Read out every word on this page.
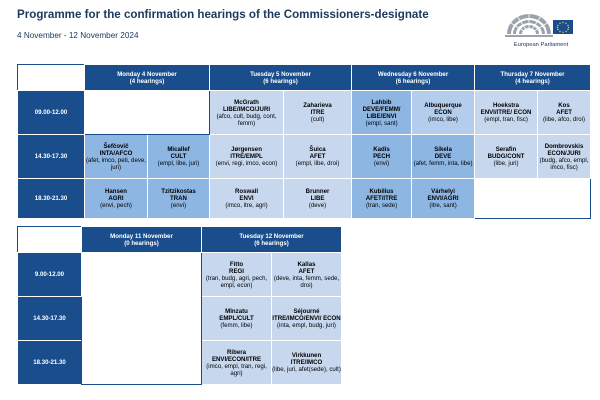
Programme for the confirmation hearings of the Commissioners-designate
4 November - 12 November 2024
European Parliament
	Monday 4 November
(4 hearings)		Tuesday 5 November
(6 hearings)		Wednesday 6 November
(6 hearings)		Thursday 7 November
(4 hearings)	
09.00-12.00			McGrath
LIBE/IMCO/JURI
(afco, cult, budg, cont, femm)	Zaharieva
ITRE
(cult)	Lahbib
DEVE/FEMM/ LIBE/ENVI
(empl, sant)	Albuquerque
ECON
(imco, libe)	Hoekstra
ENVI/ITRE/ ECON
(empl, tran, fisc)	Kos
AFET
(libe, afco, droi)

14.30-17.30	Šefčovič
INTA/AFCO
(afet, imco, peti, deve, juri)	Micallef
CULT
(empl, libe, juri)	Jørgensen
ITRE/EMPL
(envi, regi, imco, econ)	Šuica
AFET
(empl, libe, droi)	Kadis
PECH
(envi)	Síkela
DEVE
(afet, femm, inta, libe)	Serafin
BUDG/CONT
(libe, juri)	Dombrovskis
ECON/JURI
(budg, afco, empl, imco, fisc)

18.30-21.30	Hansen
AGRI
(envi, pech)	Tzitzikostas
TRAN
(envi)	Roswall
ENVI
(imco, itre, agri)	Brunner
LIBE
(deve)	Kubilius
AFET/ITRE
(tran, sede)	Várhelyi
ENVI/AGRI
(itre, sant)		

	Monday 11 November
(0 hearings)	Tuesday 12 November
(6 hearings)	
9.00-12.00		Fitto
REGI
(tran, budg, agri, pech, empl, econ)	Kallas
AFET
(deve, inta, femm, sede, droi)

14.30-17.30		Mînzatu
EMPL/CULT
(femm, libe)	Séjourné
ITRE/IMCO/ENVI/ ECON
(inta, empl, budg, juri)

18.30-21.30		Ribera
ENVI/ECON/ITRE
(imco, empl, tran, regi, agri)	Virkkunen
ITRE/IMCO
(libe, juri, afet(sede), cult)
